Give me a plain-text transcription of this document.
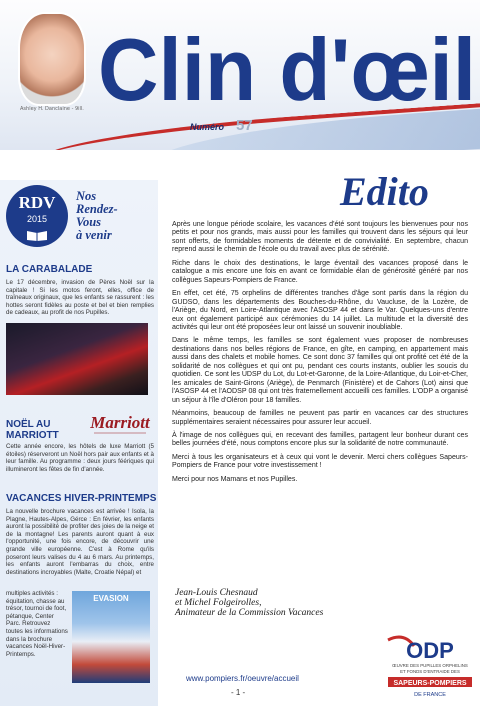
Ashley H. Danclaine - 9ill. Clin d'œil
Numéro 57
RDV
2015
Nos
Rendez-
Vous
à venir
LA CARABALADE
Le 17 décembre, invasion de Pères Noël sur la capitale ! Si les motos feront, elles, office de traîneaux originaux, que les enfants se rassurent : les hottes seront fidèles au poste et bel et bien remplies de cadeaux, au profit de nos Pupilles.
NOËL AU
MARRIOTT
Marriott
Cette année encore, les hôtels de luxe Marriott (5 étoiles) réserveront un Noël hors pair aux enfants et à leur famille. Au programme : deux jours féériques qui illumineront les fêtes de fin d'année.
VACANCES HIVER-PRINTEMPS
La nouvelle brochure vacances est arrivée ! Isola, la Plagne, Hautes-Alpes, Gérce : En février, les enfants auront la possibilité de profiter des joies de la neige et de la montagne! Les parents auront quant à eux l'opportunité, une fois encore, de découvrir une grande ville européenne. C'est à Rome qu'ils poseront leurs valises du 4 au 6 mars. Au printemps, les enfants auront l'embarras du choix, entre destinations incroyables (Malte, Croatie Népal) et
multiples activités : équitation, chasse au trésor, tournoi de foot, pétanque, Center Parc. Retrouvez toutes les informations dans la brochure vacances Noël-Hiver-Printemps.
EVASION
Edito

Après une longue période scolaire, les vacances d'été sont toujours les bienvenues pour nos petits et pour nos grands, mais aussi pour les familles qui trouvent dans les séjours qui leur sont offerts, de formidables moments de détente et de convivialité. En septembre, chacun reprend aussi le chemin de l'école ou du travail avec plus de sérénité.

Riche dans le choix des destinations, le large éventail des vacances proposé dans le catalogue a mis encore une fois en avant ce formidable élan de générosité généré par nos collègues Sapeurs-Pompiers de France.

En effet, cet été, 75 orphelins de différentes tranches d'âge sont partis dans la région du GUDSO, dans les départements des Bouches-du-Rhône, du Vaucluse, de la Lozère, de l'Ariège, du Nord, en Loire-Atlantique avec l'ASOSP 44 et dans le Var. Quelques-uns d'entre eux ont également participé aux cérémonies du 14 juillet. La multitude et la diversité des activités qui leur ont été proposées leur ont laissé un souvenir inoubliable.

Dans le même temps, les familles se sont également vues proposer de nombreuses destinations dans nos belles régions de France, en gîte, en camping, en appartement mais aussi dans des chalets et mobile homes. Ce sont donc 37 familles qui ont profité cet été de la solidarité de nos collègues et qui ont pu, pendant ces courts instants, oublier les soucis du quotidien. Ce sont les UDSP du Lot, du Lot-et-Garonne, de la Loire-Atlantique, du Loir-et-Cher, les amicales de Saint-Girons (Ariège), de Penmarch (Finistère) et de Cahors (Lot) ainsi que l'ASOSP 44 et l'AODSP 08 qui ont très fraternellement accueilli ces familles. L'ODP a organisé un séjour à l'île d'Oléron pour 18 familles.

Néanmoins, beaucoup de familles ne peuvent pas partir en vacances car des structures supplémentaires seraient nécessaires pour assurer leur accueil.

À l'image de nos collègues qui, en recevant des familles, partagent leur bonheur durant ces belles journées d'été, nous comptons encore plus sur la solidarité de notre communauté.

Merci à tous les organisateurs et à ceux qui vont le devenir. Merci chers collègues Sapeurs-Pompiers de France pour votre investissement !

Merci pour nos Mamans et nos Pupilles.

Jean-Louis Chesnaud
et Michel Folgeirolles,
Animateur de la Commission Vacances
ODP
ŒUVRE DES PUPILLES ORPHELINS
ET FONDS D'ENTRAIDE DES
SAPEURS-POMPIERS
DE FRANCE
www.pompiers.fr/oeuvre/accueil
- 1 -
